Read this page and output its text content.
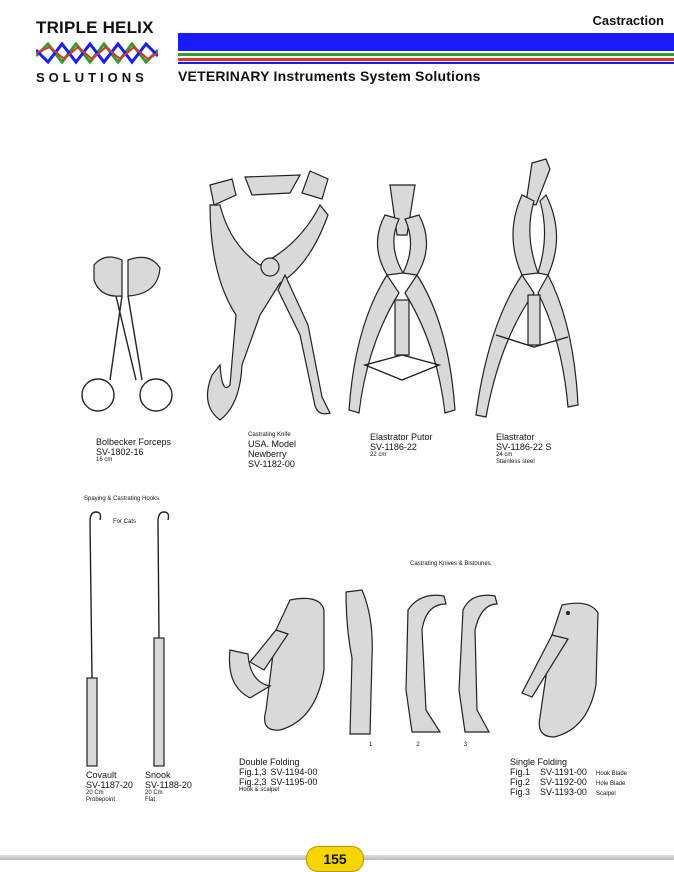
TRIPLE HELIX
SOLUTIONS
Castraction
VETERINARY Instruments System Solutions
Bolbecker Forceps
SV-1802-16
16 cm
Castrating Knife
USA. Model
Newberry
SV-1182-00
Elastrator Putor
SV-1186-22
22 cm
Elastrator
SV-1186-22 S
24 cm
Stainless steel
Spaying & Castrating Hooks
For Cats
Covault
SV-1187-20
20 Cm
Probepoint
Snook
SV-1188-20
20 Cm
Flat
Castrating Knives & Bistounes
1	2	3
Double Folding
Fig.1,3 SV-1194-00
Fig.2,3 SV-1195-00
Hook & scalpel
Single Folding
Fig.1	SV-1191-00	Hook Blade
Fig.2	SV-1192-00	Hole Blade
Fig.3	SV-1193-00	Scalpel
155
